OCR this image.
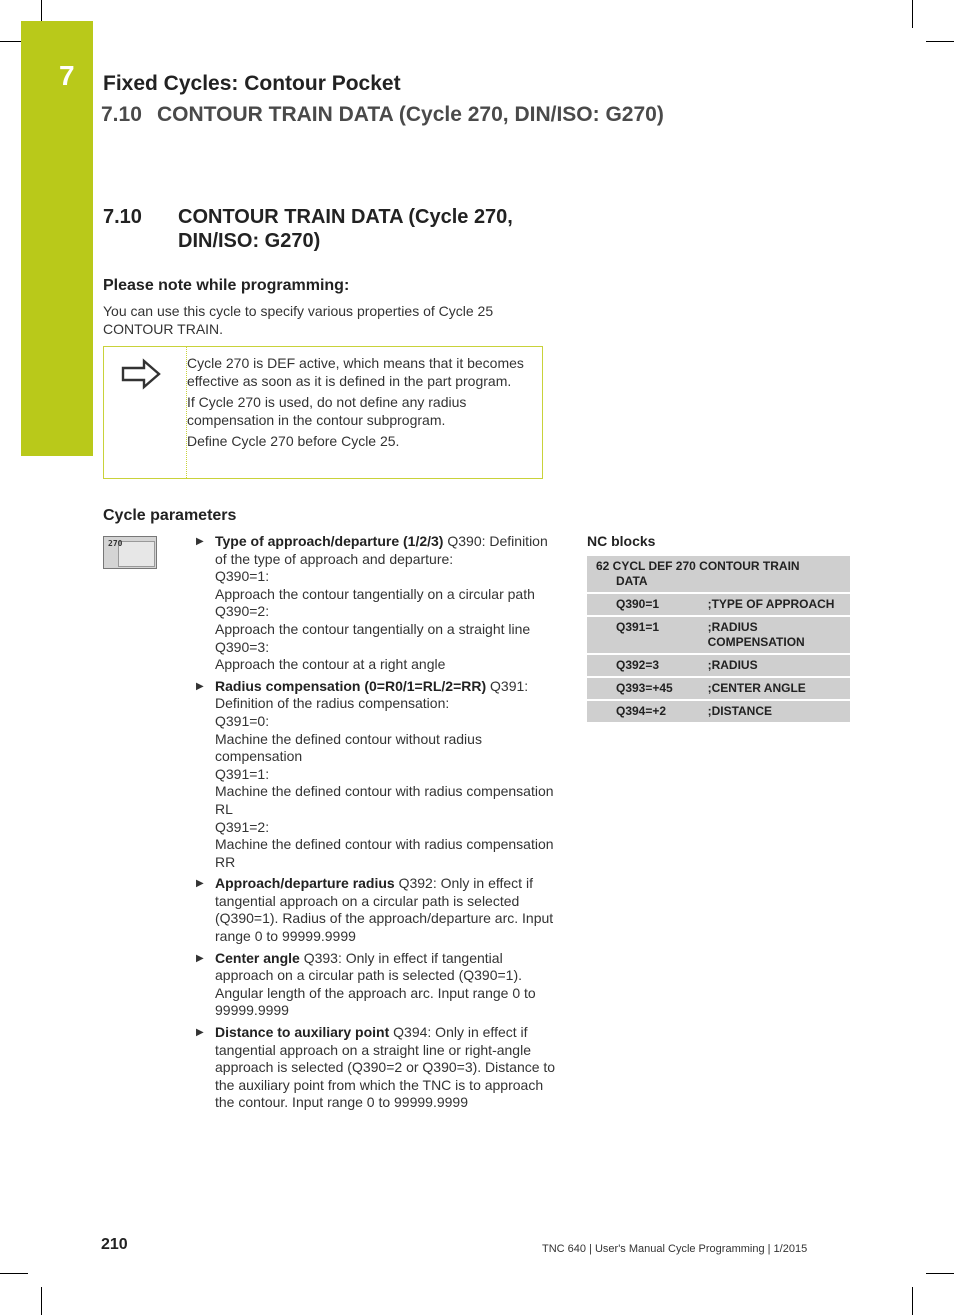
7 Fixed Cycles: Contour Pocket
7.10 CONTOUR TRAIN DATA (Cycle 270, DIN/ISO: G270)
7.10 CONTOUR TRAIN DATA (Cycle 270, DIN/ISO: G270)
Please note while programming:
You can use this cycle to specify various properties of Cycle 25 CONTOUR TRAIN.

Cycle 270 is DEF active, which means that it becomes effective as soon as it is defined in the part program.

If Cycle 270 is used, do not define any radius compensation in the contour subprogram.

Define Cycle 270 before Cycle 25.

Cycle parameters
270	▶ Type of approach/departure (1/2/3) Q390: Definition of the type of approach and departure:
Q390=1:
Approach the contour tangentially on a circular path
Q390=2:
Approach the contour tangentially on a straight line
Q390=3:
Approach the contour at a right angle
▶ Radius compensation (0=R0/1=RL/2=RR) Q391: Definition of the radius compensation:
Q391=0:
Machine the defined contour without radius compensation
Q391=1:
Machine the defined contour with radius compensation RL
Q391=2:
Machine the defined contour with radius compensation RR
▶ Approach/departure radius Q392: Only in effect if tangential approach on a circular path is selected (Q390=1). Radius of the approach/departure arc. Input range 0 to 99999.9999
▶ Center angle Q393: Only in effect if tangential approach on a circular path is selected (Q390=1). Angular length of the approach arc. Input range 0 to 99999.9999
▶ Distance to auxiliary point Q394: Only in effect if tangential approach on a straight line or right-angle approach is selected (Q390=2 or Q390=3). Distance to the auxiliary point from which the TNC is to approach the contour. Input range 0 to 99999.9999
NC blocks
62 CYCL DEF 270 CONTOUR TRAIN
DATA	

Q390=1	;TYPE OF APPROACH
Q391=1	;RADIUS COMPENSATION
Q392=3	;RADIUS
Q393=+45	;CENTER ANGLE
Q394=+2	;DISTANCE
210	TNC 640 | User's Manual Cycle Programming | 1/2015
